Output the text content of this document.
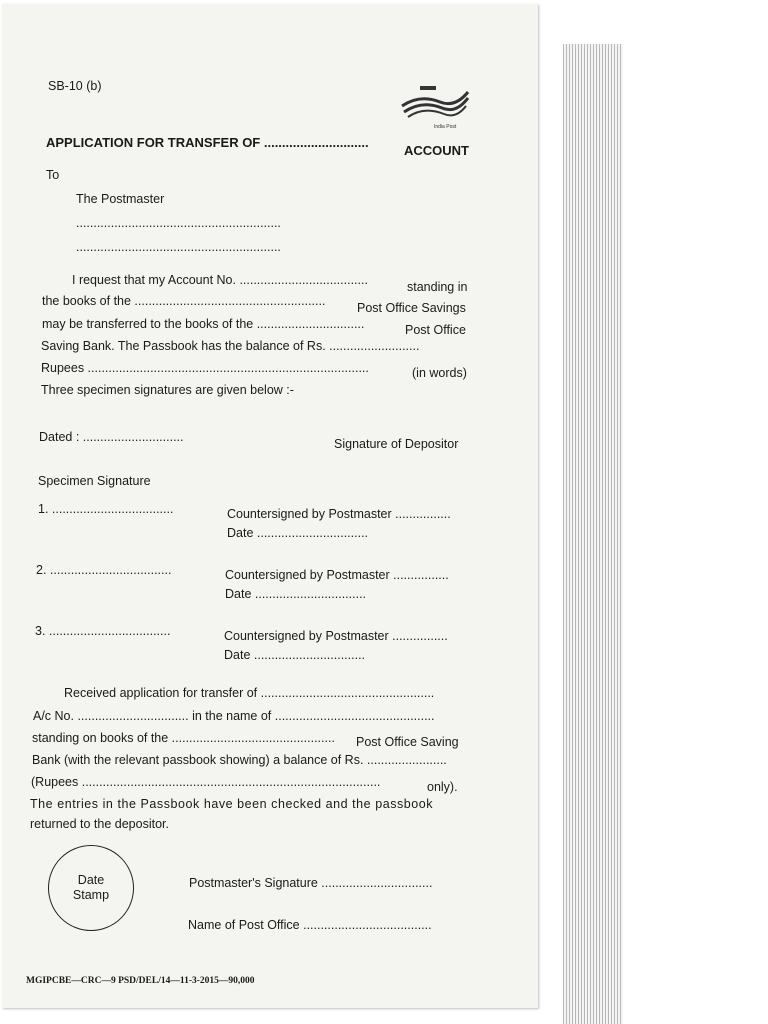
SB-10 (b)
India Post
APPLICATION FOR TRANSFER OF .............................
ACCOUNT
To
The Postmaster
...........................................................
...........................................................
I request that my Account No. .....................................	standing in
the books of the .......................................................	Post Office Savings
may be transferred to the books of the ...............................	Post Office
Saving Bank. The Passbook has the balance of Rs. ..........................
Rupees .................................................................................	(in words)
Three specimen signatures are given below :-
Dated : .............................	Signature of Depositor
Specimen Signature
1. ...................................	Countersigned by Postmaster ................
Date ................................
2. ...................................	Countersigned by Postmaster ................
Date ................................
3. ...................................	Countersigned by Postmaster ................
Date ................................
Received application for transfer of ..................................................
A/c No. ................................ in the name of ..............................................
standing on books of the ............................................... Post Office Saving
Bank (with the relevant passbook showing) a balance of Rs. .......................
(Rupees ......................................................................................	only).
The entries in the Passbook have been checked and the passbook
returned to the depositor.
Date
Stamp
Postmaster's Signature ................................
Name of Post Office .....................................
MGIPCBE—CRC—9 PSD/DEL/14—11-3-2015—90,000
